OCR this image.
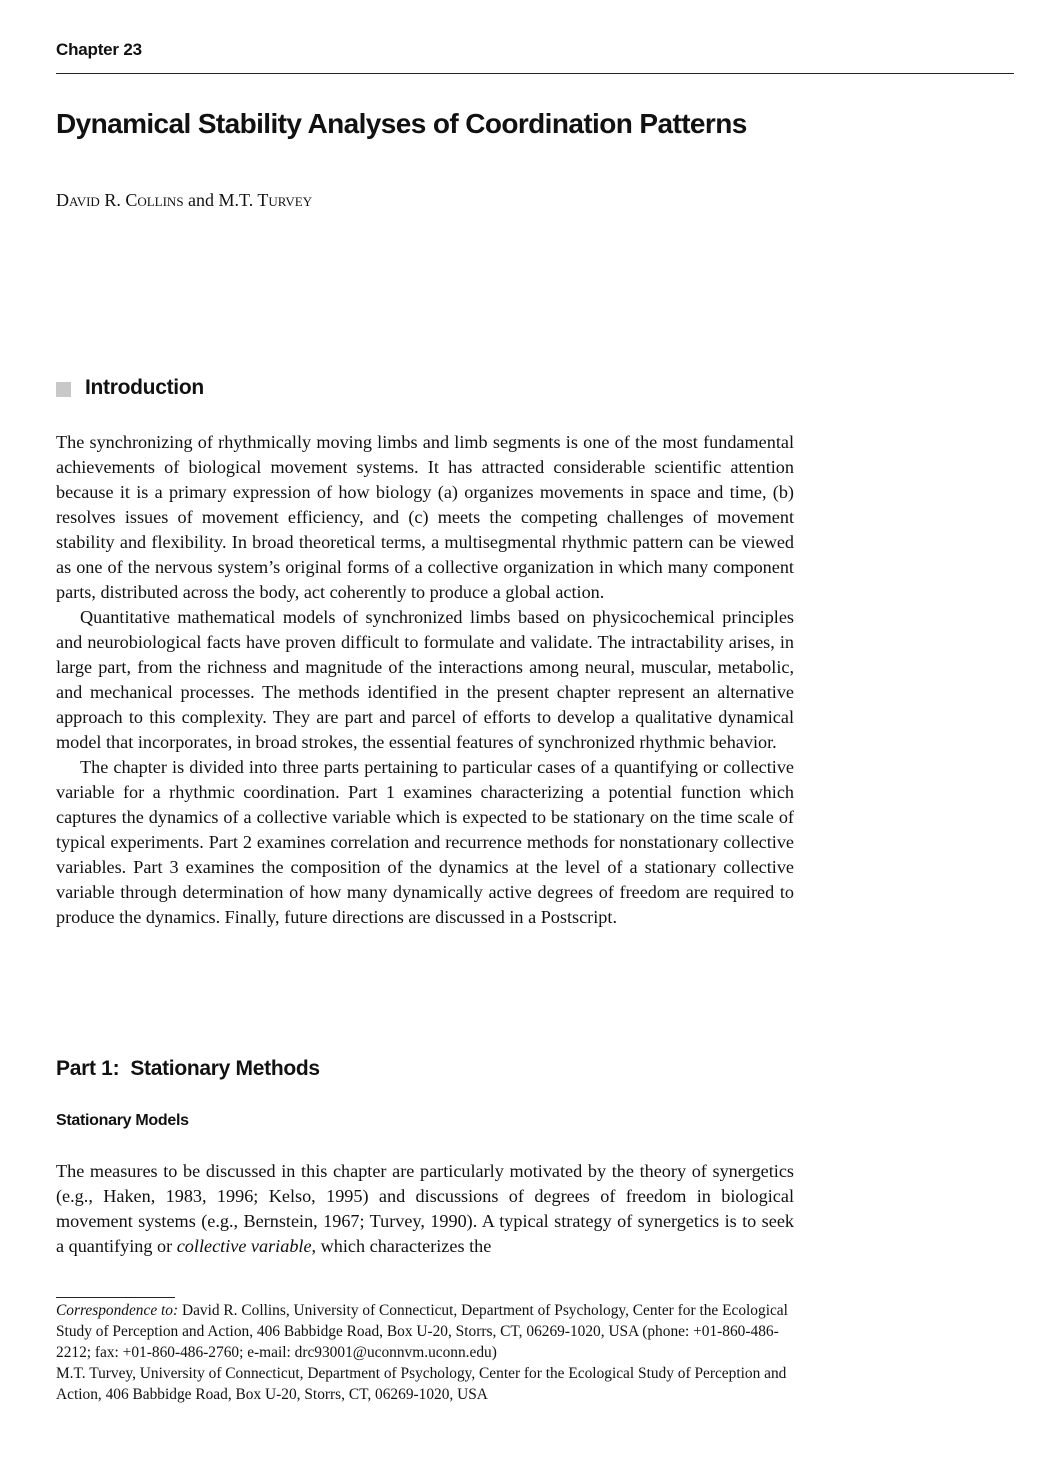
Chapter 23
Dynamical Stability Analyses of Coordination Patterns
David R. Collins and M.T. Turvey
Introduction

The synchronizing of rhythmically moving limbs and limb segments is one of the most fundamental achievements of biological movement systems. It has attracted considerable scientific attention because it is a primary expression of how biology (a) organizes movements in space and time, (b) resolves issues of movement efficiency, and (c) meets the competing challenges of movement stability and flexibility. In broad theoretical terms, a multisegmental rhythmic pattern can be viewed as one of the nervous system’s original forms of a collective organization in which many component parts, distributed across the body, act coherently to produce a global action.

Quantitative mathematical models of synchronized limbs based on physicochemical principles and neurobiological facts have proven difficult to formulate and validate. The intractability arises, in large part, from the richness and magnitude of the interactions among neural, muscular, metabolic, and mechanical processes. The methods identified in the present chapter represent an alternative approach to this complexity. They are part and parcel of efforts to develop a qualitative dynamical model that incorporates, in broad strokes, the essential features of synchronized rhythmic behavior.

The chapter is divided into three parts pertaining to particular cases of a quantifying or collective variable for a rhythmic coordination. Part 1 examines characterizing a potential function which captures the dynamics of a collective variable which is expected to be stationary on the time scale of typical experiments. Part 2 examines correlation and recurrence methods for nonstationary collective variables. Part 3 examines the composition of the dynamics at the level of a stationary collective variable through determination of how many dynamically active degrees of freedom are required to produce the dynamics. Finally, future directions are discussed in a Postscript.

Part 1:  Stationary Methods
Stationary Models

The measures to be discussed in this chapter are particularly motivated by the theory of synergetics (e.g., Haken, 1983, 1996; Kelso, 1995) and discussions of degrees of freedom in biological movement systems (e.g., Bernstein, 1967; Turvey, 1990). A typical strategy of synergetics is to seek a quantifying or collective variable, which characterizes the

Correspondence to: David R. Collins, University of Connecticut, Department of Psychology, Center for the Ecological Study of Perception and Action, 406 Babbidge Road, Box U-20, Storrs, CT, 06269-1020, USA (phone: +01-860-486-2212; fax: +01-860-486-2760; e-mail: drc93001@uconnvm.uconn.edu)

M.T. Turvey, University of Connecticut, Department of Psychology, Center for the Ecological Study of Perception and Action, 406 Babbidge Road, Box U-20, Storrs, CT, 06269-1020, USA
